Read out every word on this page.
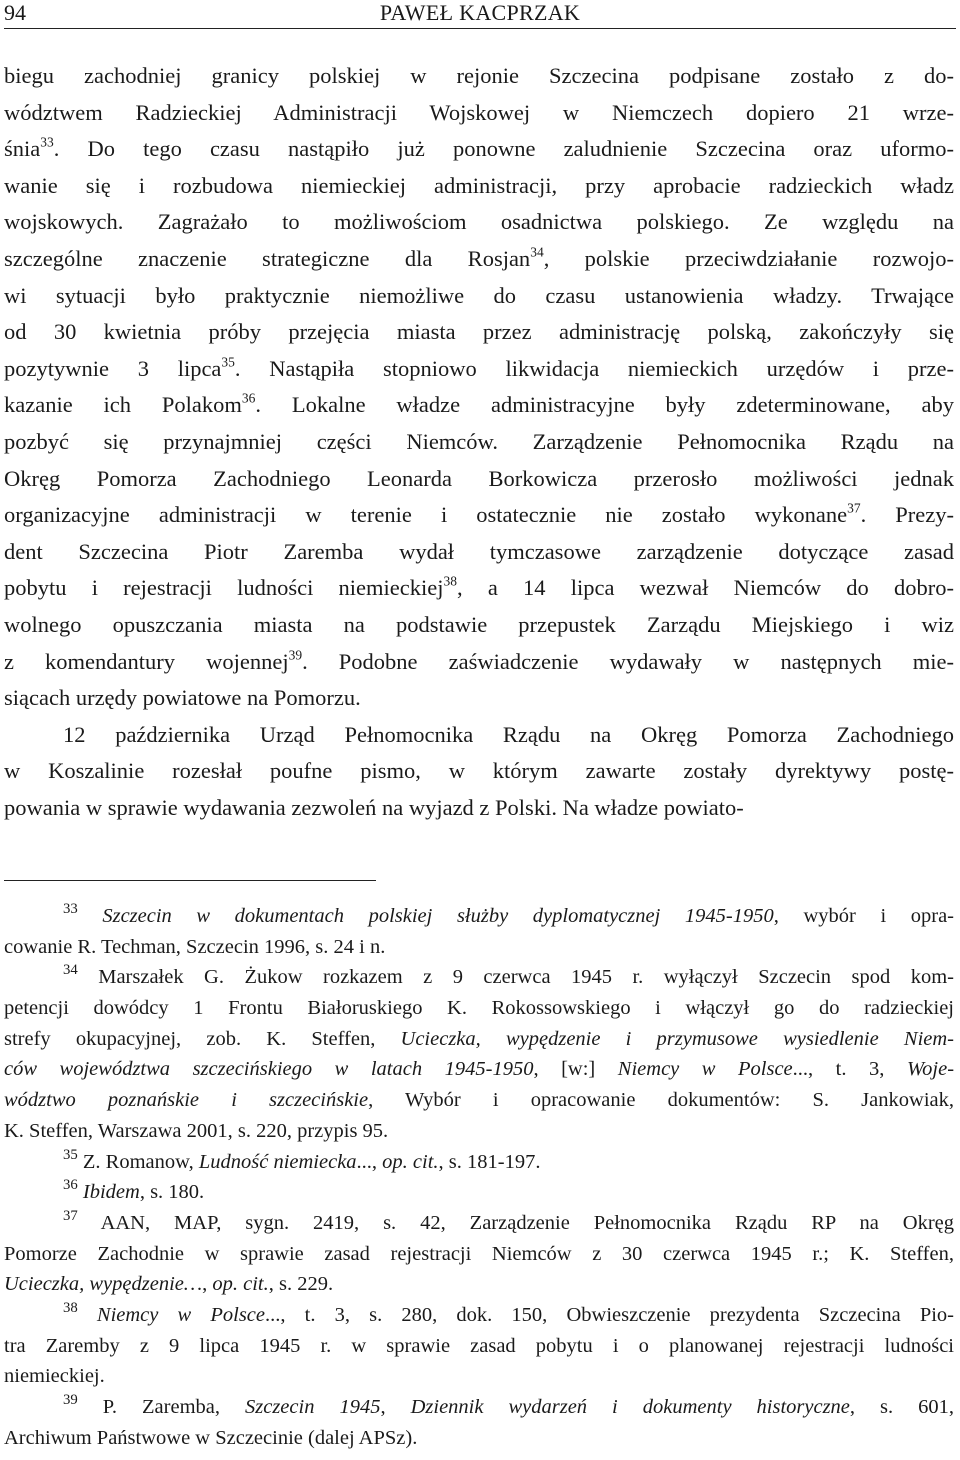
94	PAWEŁ KACPRZAK
biegu zachodniej granicy polskiej w rejonie Szczecina podpisane zostało z do-
wództwem Radzieckiej Administracji Wojskowej w Niemczech dopiero 21 wrze-
śnia$^{33}$. Do tego czasu nastąpiło już ponowne zaludnienie Szczecina oraz uformo-
wanie się i rozbudowa niemieckiej administracji, przy aprobacie radzieckich władz
wojskowych. Zagrażało to możliwościom osadnictwa polskiego. Ze względu na
szczególne znaczenie strategiczne dla Rosjan$^{34}$, polskie przeciwdziałanie rozwojo-
wi sytuacji było praktycznie niemożliwe do czasu ustanowienia władzy. Trwające
od 30 kwietnia próby przejęcia miasta przez administrację polską, zakończyły się
pozytywnie 3 lipca$^{35}$. Nastąpiła stopniowo likwidacja niemieckich urzędów i prze-
kazanie ich Polakom$^{36}$. Lokalne władze administracyjne były zdeterminowane, aby
pozbyć się przynajmniej części Niemców. Zarządzenie Pełnomocnika Rządu na
Okręg Pomorza Zachodniego Leonarda Borkowicza przerosło możliwości jednak
organizacyjne administracji w terenie i ostatecznie nie zostało wykonane$^{37}$. Prezy-
dent Szczecina Piotr Zaremba wydał tymczasowe zarządzenie dotyczące zasad
pobytu i rejestracji ludności niemieckiej$^{38}$, a 14 lipca wezwał Niemców do dobro-
wolnego opuszczania miasta na podstawie przepustek Zarządu Miejskiego i wiz
z komendantury wojennej$^{39}$. Podobne zaświadczenie wydawały w następnych mie-
siącach urzędy powiatowe na Pomorzu.
12 października Urząd Pełnomocnika Rządu na Okręg Pomorza Zachodniego
w Koszalinie rozesłał poufne pismo, w którym zawarte zostały dyrektywy postę-
powania w sprawie wydawania zezwoleń na wyjazd z Polski. Na władze powiato-
$^{33}$ Szczecin w dokumentach polskiej służby dyplomatycznej 1945-1950, wybór i opra-
cowanie R. Techman, Szczecin 1996, s. 24 i n.
$^{34}$ Marszałek G. Żukow rozkazem z 9 czerwca 1945 r. wyłączył Szczecin spod kom-
petencji dowódcy 1 Frontu Białoruskiego K. Rokossowskiego i włączył go do radzieckiej
strefy okupacyjnej, zob. K. Steffen, Ucieczka, wypędzenie i przymusowe wysiedlenie Niem-
ców województwa szczecińskiego w latach 1945-1950, [w:] Niemcy w Polsce..., t. 3, Woje-
wództwo poznańskie i szczecińskie, Wybór i opracowanie dokumentów: S. Jankowiak,
K. Steffen, Warszawa 2001, s. 220, przypis 95.
$^{35}$ Z. Romanow, Ludność niemiecka..., op. cit., s. 181-197.
$^{36}$ Ibidem, s. 180.
$^{37}$ AAN, MAP, sygn. 2419, s. 42, Zarządzenie Pełnomocnika Rządu RP na Okręg
Pomorze Zachodnie w sprawie zasad rejestracji Niemców z 30 czerwca 1945 r.; K. Steffen,
Ucieczka, wypędzenie…, op. cit., s. 229.
$^{38}$ Niemcy w Polsce..., t. 3, s. 280, dok. 150, Obwieszczenie prezydenta Szczecina Pio-
tra Zaremby z 9 lipca 1945 r. w sprawie zasad pobytu i o planowanej rejestracji ludności
niemieckiej.
$^{39}$ P. Zaremba, Szczecin 1945, Dziennik wydarzeń i dokumenty historyczne, s. 601,
Archiwum Państwowe w Szczecinie (dalej APSz).
